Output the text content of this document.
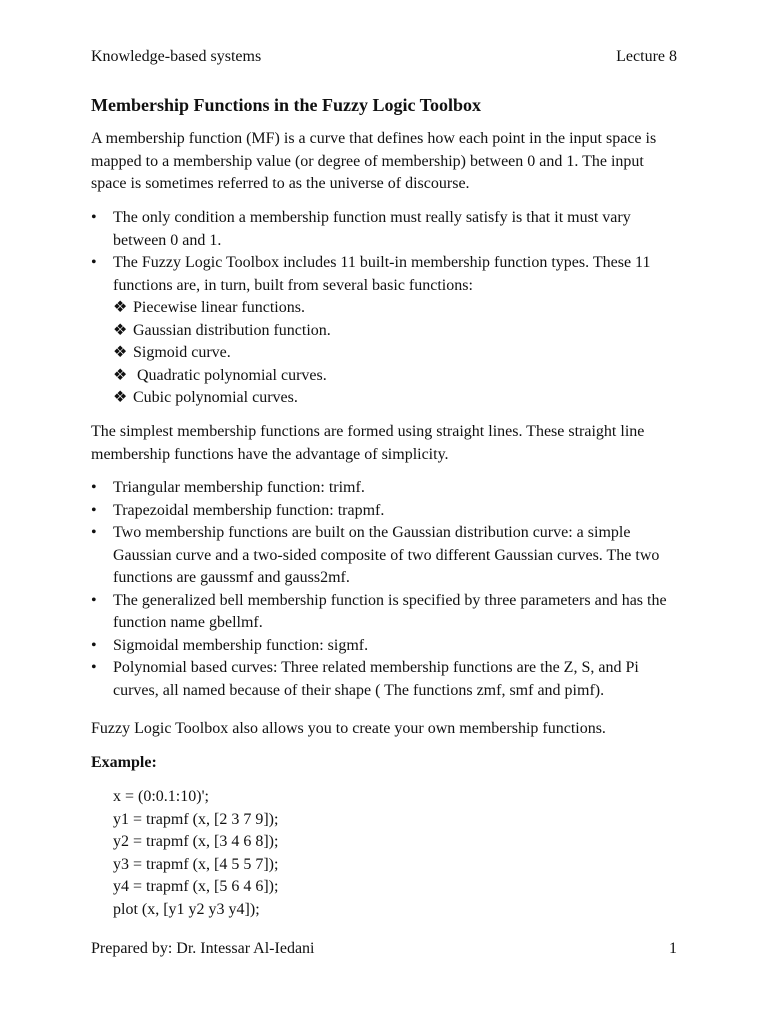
Knowledge-based systems	Lecture 8
Membership Functions in the Fuzzy Logic Toolbox

A membership function (MF) is a curve that defines how each point in the input space is mapped to a membership value (or degree of membership) between 0 and 1. The input space is sometimes referred to as the universe of discourse.

•	The only condition a membership function must really satisfy is that it must vary between 0 and 1.
•	The Fuzzy Logic Toolbox includes 11 built-in membership function types. These 11 functions are, in turn, built from several basic functions:
❖ Piecewise linear functions.
❖ Gaussian distribution function.
❖ Sigmoid curve.
❖ Quadratic polynomial curves.
❖ Cubic polynomial curves.

The simplest membership functions are formed using straight lines. These straight line membership functions have the advantage of simplicity.

•	Triangular membership function: trimf.
•	Trapezoidal membership function: trapmf.
•	Two membership functions are built on the Gaussian distribution curve: a simple Gaussian curve and a two-sided composite of two different Gaussian curves. The two functions are gaussmf and gauss2mf.
•	The generalized bell membership function is specified by three parameters and has the function name gbellmf.
•	Sigmoidal membership function: sigmf.
•	Polynomial based curves: Three related membership functions are the Z, S, and Pi curves, all named because of their shape ( The functions zmf, smf and pimf).

Fuzzy Logic Toolbox also allows you to create your own membership functions.

Example:

x = (0:0.1:10)';
y1 = trapmf (x, [2 3 7 9]);
y2 = trapmf (x, [3 4 6 8]);
y3 = trapmf (x, [4 5 5 7]);
y4 = trapmf (x, [5 6 4 6]);
plot (x, [y1 y2 y3 y4]);
Prepared by: Dr. Intessar Al-Iedani	1
